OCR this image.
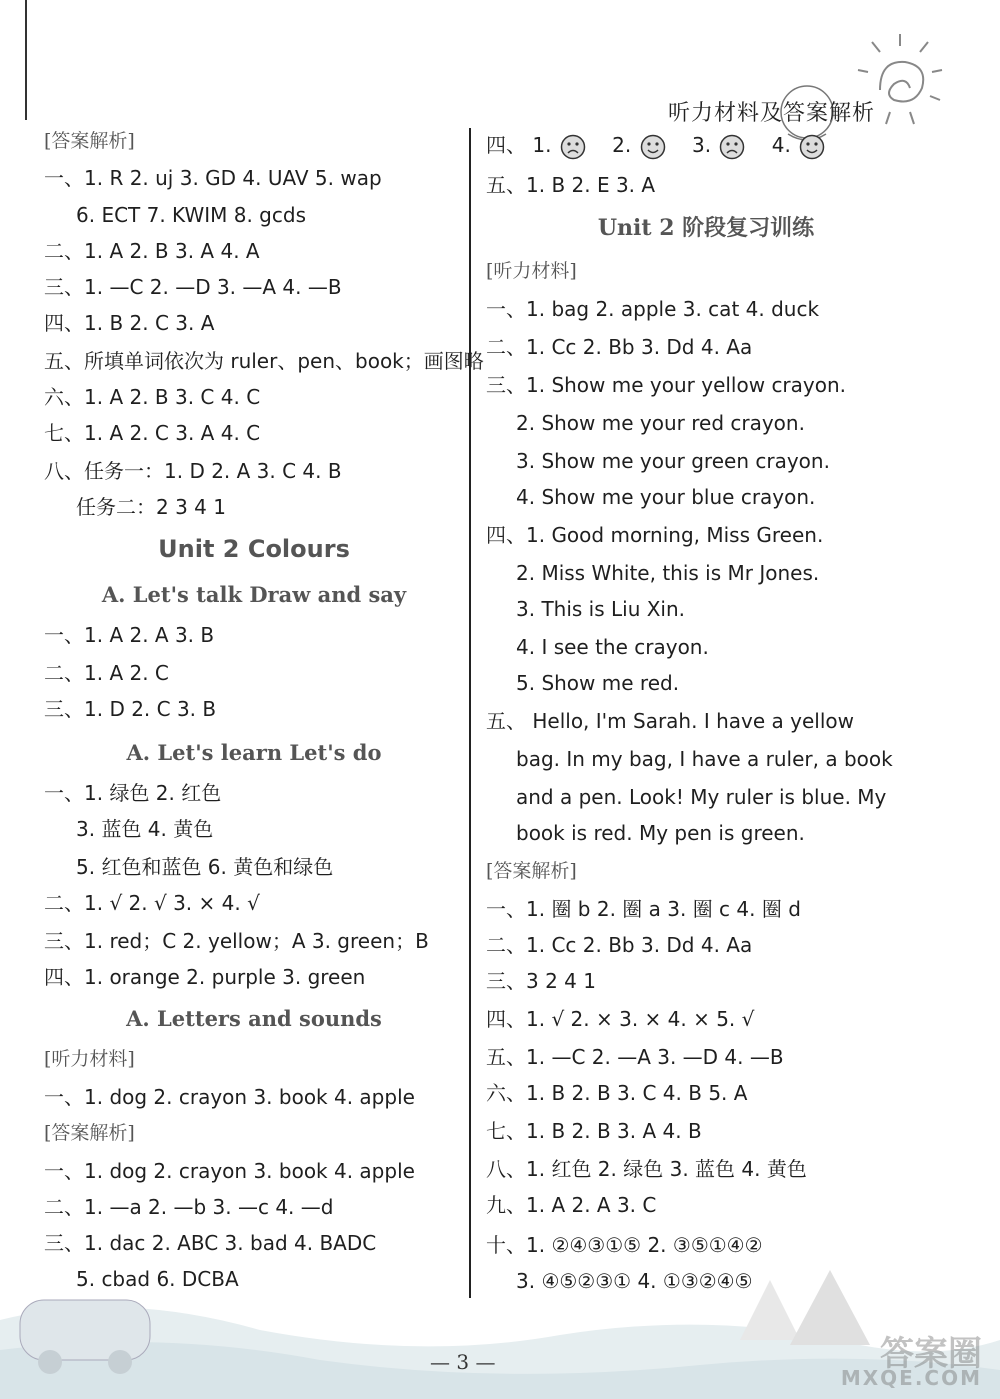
听力材料及答案解析
[答案解析]
一、1. R 2. uj 3. GD 4. UAV 5. wap
6. ECT 7. KWIM 8. gcds
二、1. A 2. B 3. A 4. A
三、1. —C 2. —D 3. —A 4. —B
四、1. B 2. C 3. A
五、所填单词依次为 ruler、pen、book；画图略
六、1. A 2. B 3. C 4. C
七、1. A 2. C 3. A 4. C
八、任务一：1. D 2. A 3. C 4. B
任务二：2 3 4 1
Unit 2 Colours
A. Let's talk Draw and say
一、1. A 2. A 3. B
二、1. A 2. C
三、1. D 2. C 3. B
A. Let's learn Let's do
一、1. 绿色 2. 红色
3. 蓝色 4. 黄色
5. 红色和蓝色 6. 黄色和绿色
二、1. √ 2. √ 3. × 4. √
三、1. red；C 2. yellow；A 3. green；B
四、1. orange 2. purple 3. green
A. Letters and sounds
[听力材料]
一、1. dog 2. crayon 3. book 4. apple
[答案解析]
一、1. dog 2. crayon 3. book 4. apple
二、1. —a 2. —b 3. —c 4. —d
三、1. dac 2. ABC 3. bad 4. BADC
5. cbad 6. DCBA
四、 1.	2.	3.	4.
五、1. B 2. E 3. A
Unit 2 阶段复习训练
[听力材料]
一、1. bag 2. apple 3. cat 4. duck
二、1. Cc 2. Bb 3. Dd 4. Aa
三、1. Show me your yellow crayon.
2. Show me your red crayon.
3. Show me your green crayon.
4. Show me your blue crayon.
四、1. Good morning, Miss Green.
2. Miss White, this is Mr Jones.
3. This is Liu Xin.
4. I see the crayon.
5. Show me red.
五、 Hello, I'm Sarah. I have a yellow
bag. In my bag, I have a ruler, a book
and a pen. Look! My ruler is blue. My
book is red. My pen is green.
[答案解析]
一、1. 圈 b 2. 圈 a 3. 圈 c 4. 圈 d
二、1. Cc 2. Bb 3. Dd 4. Aa
三、3 2 4 1
四、1. √ 2. × 3. × 4. × 5. √
五、1. —C 2. —A 3. —D 4. —B
六、1. B 2. B 3. C 4. B 5. A
七、1. B 2. B 3. A 4. B
八、1. 红色 2. 绿色 3. 蓝色 4. 黄色
九、1. A 2. A 3. C
十、1. ②④③①⑤ 2. ③⑤①④②
3. ④⑤②③① 4. ①③②④⑤
— 3 —	答案圈
MXQE.COM
